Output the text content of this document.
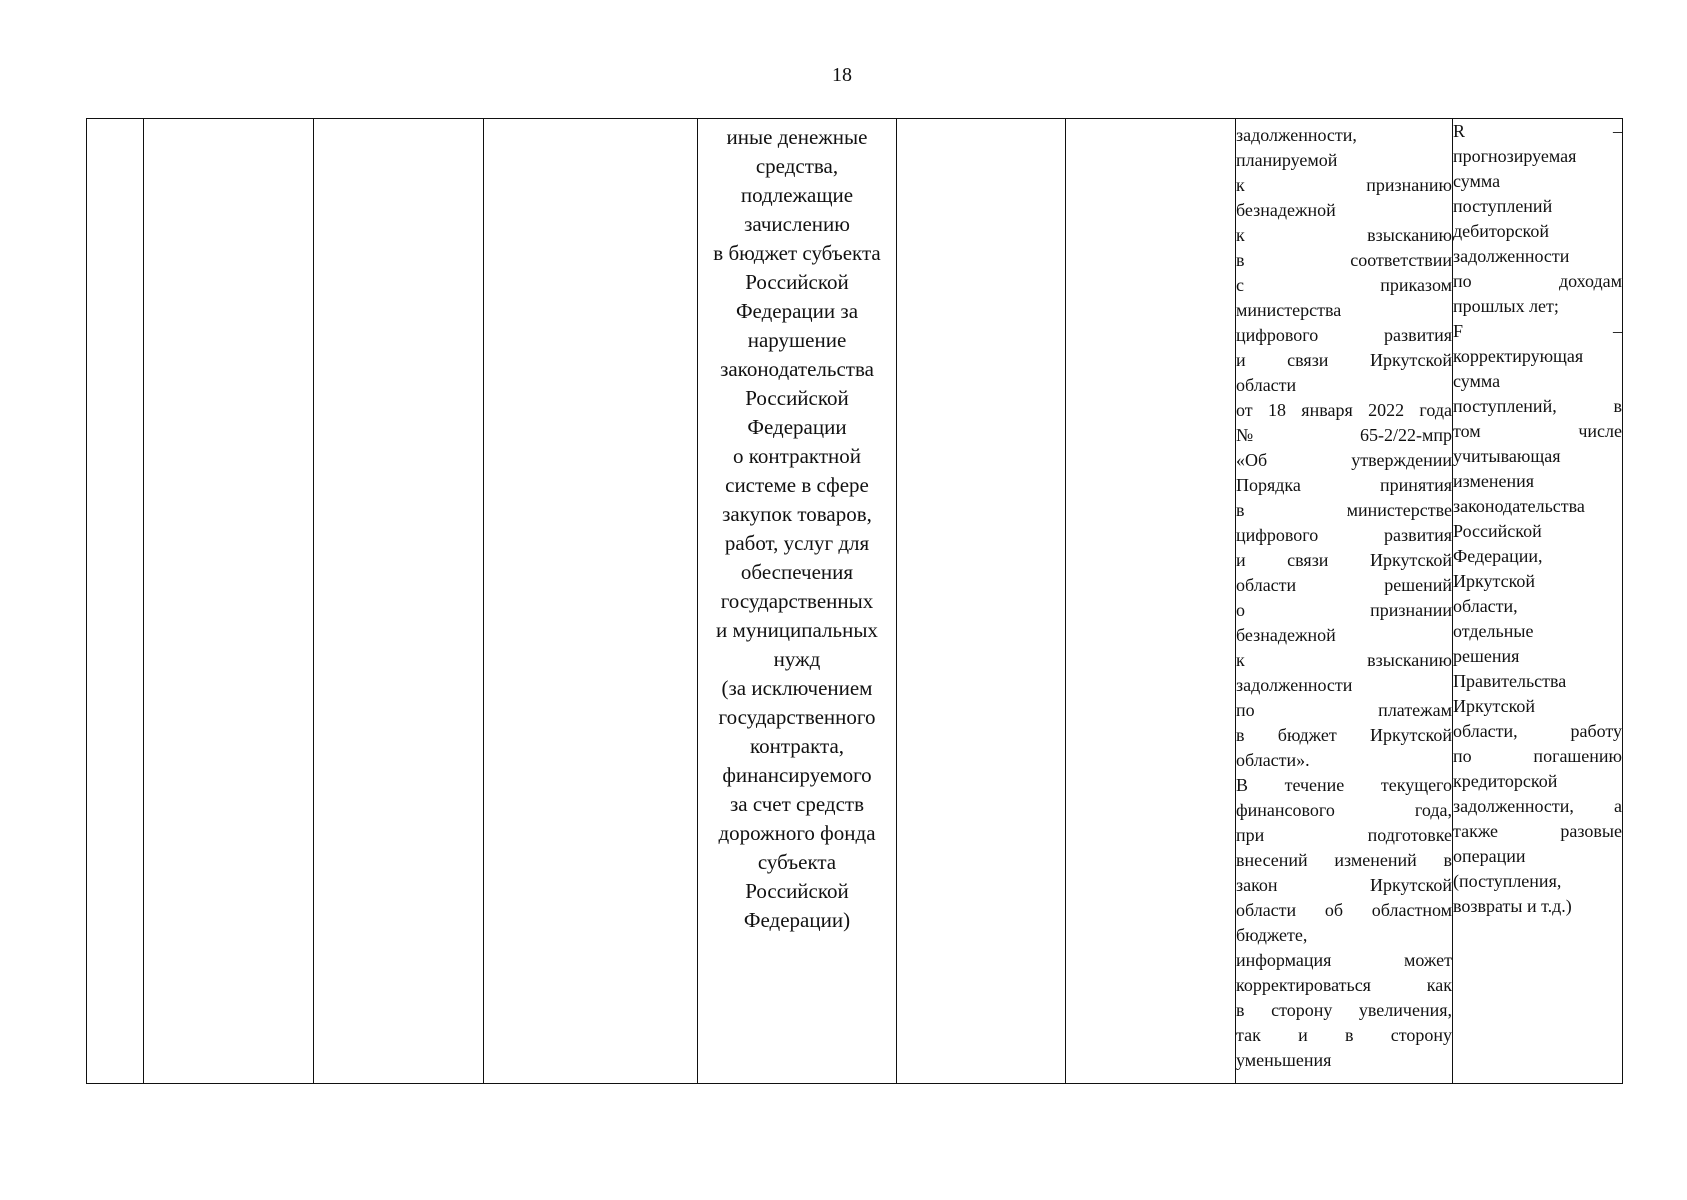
18

иные денежные
средства,
подлежащие
зачислению
в бюджет субъекта
Российской
Федерации за
нарушение
законодательства
Российской
Федерации
о контрактной
системе в сфере
закупок товаров,
работ, услуг для
обеспечения
государственных
и муниципальных
нужд
(за исключением
государственного
контракта,
финансируемого
за счет средств
дорожного фонда
субъекта
Российской
Федерации)

задолженности,
планируемой
к признанию
безнадежной
к взысканию
в соответствии
с приказом
министерства
цифрового развития
и связи Иркутской
области
от 18 января 2022 года
№ 65-2/22-мпр
«Об утверждении
Порядка принятия
в министерстве
цифрового развития
и связи Иркутской
области решений
о признании
безнадежной
к взысканию
задолженности
по платежам
в бюджет Иркутской
области».
В течение текущего
финансового года,
при подготовке
внесений изменений в
закон Иркутской
области об областном
бюджете,
информация может
корректироваться как
в сторону увеличения,
так и в сторону
уменьшения

R –
прогнозируемая
сумма
поступлений
дебиторской
задолженности
по доходам
прошлых лет;
F –
корректирующая
сумма
поступлений, в
том числе
учитывающая
изменения
законодательства
Российской
Федерации,
Иркутской
области,
отдельные
решения
Правительства
Иркутской
области, работу
по погашению
кредиторской
задолженности, а
также разовые
операции
(поступления,
возвраты и т.д.)
